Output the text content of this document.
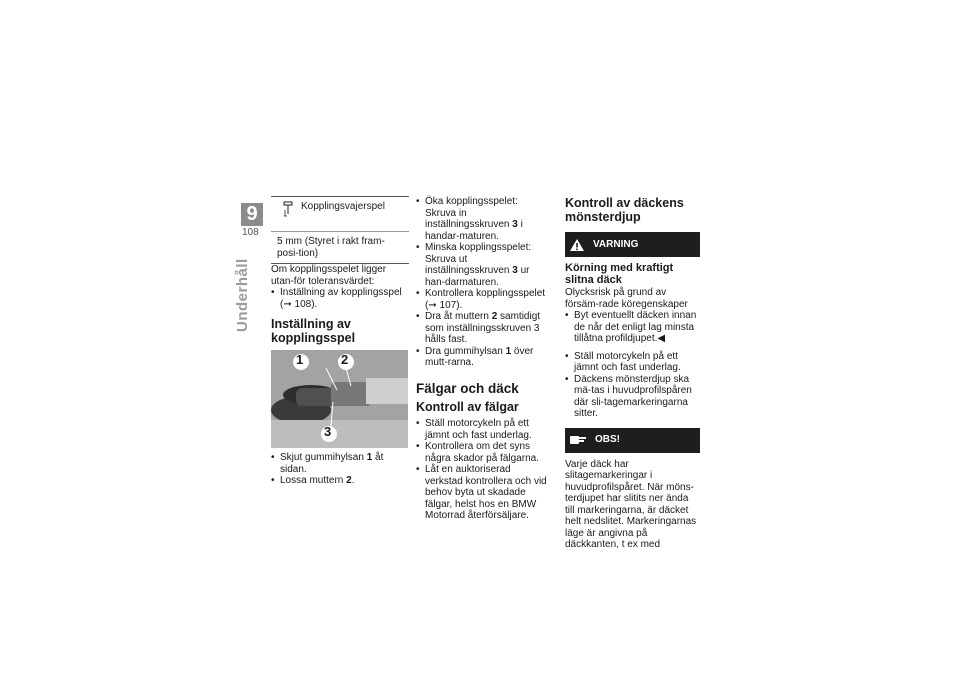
9
108
Underhåll
Kopplingsvajerspel
5 mm (Styret i rakt fram-posi-tion)

Om kopplingsspelet ligger utan-för toleransvärdet:

• Inställning av kopplingsspel
(➞ 108).
Inställning av kopplingsspel
1	2
3
• Skjut gummihylsan 1 åt sidan.
• Lossa muttern 2.
• Öka kopplingsspelet: Skruva in inställningsskruven 3 i handar-maturen.
• Minska kopplingsspelet: Skruva ut inställningsskruven 3 ur han-darmaturen.
• Kontrollera kopplingsspelet (➞ 107).
• Dra åt muttern 2 samtidigt som inställningsskruven 3 hålls fast.
• Dra gummihylsan 1 över mutt-rarna.
Fälgar och däck
Kontroll av fälgar
• Ställ motorcykeln på ett jämnt och fast underlag.
• Kontrollera om det syns några skador på fälgarna.
• Låt en auktoriserad verkstad kontrollera och vid behov byta ut skadade fälgar, helst hos en BMW Motorrad återförsäljare.
Kontroll av däckens mönsterdjup
VARNING
Körning med kraftigt slitna däck

Olycksrisk på grund av försäm-rade köregenskaper

• Byt eventuellt däcken innan de når det enligt lag minsta tillåtna profildjupet.◀
• Ställ motorcykeln på ett jämnt och fast underlag.
• Däckens mönsterdjup ska mä-tas i huvudprofilspåren där sli-tagemarkeringarna sitter.
OBS!

Varje däck har slitagemarkeringar i huvudprofilspåret. När möns-terdjupet har slitits ner ända till markeringarna, är däcket helt nedslitet. Markeringarnas läge är angivna på däckkanten, t ex med
